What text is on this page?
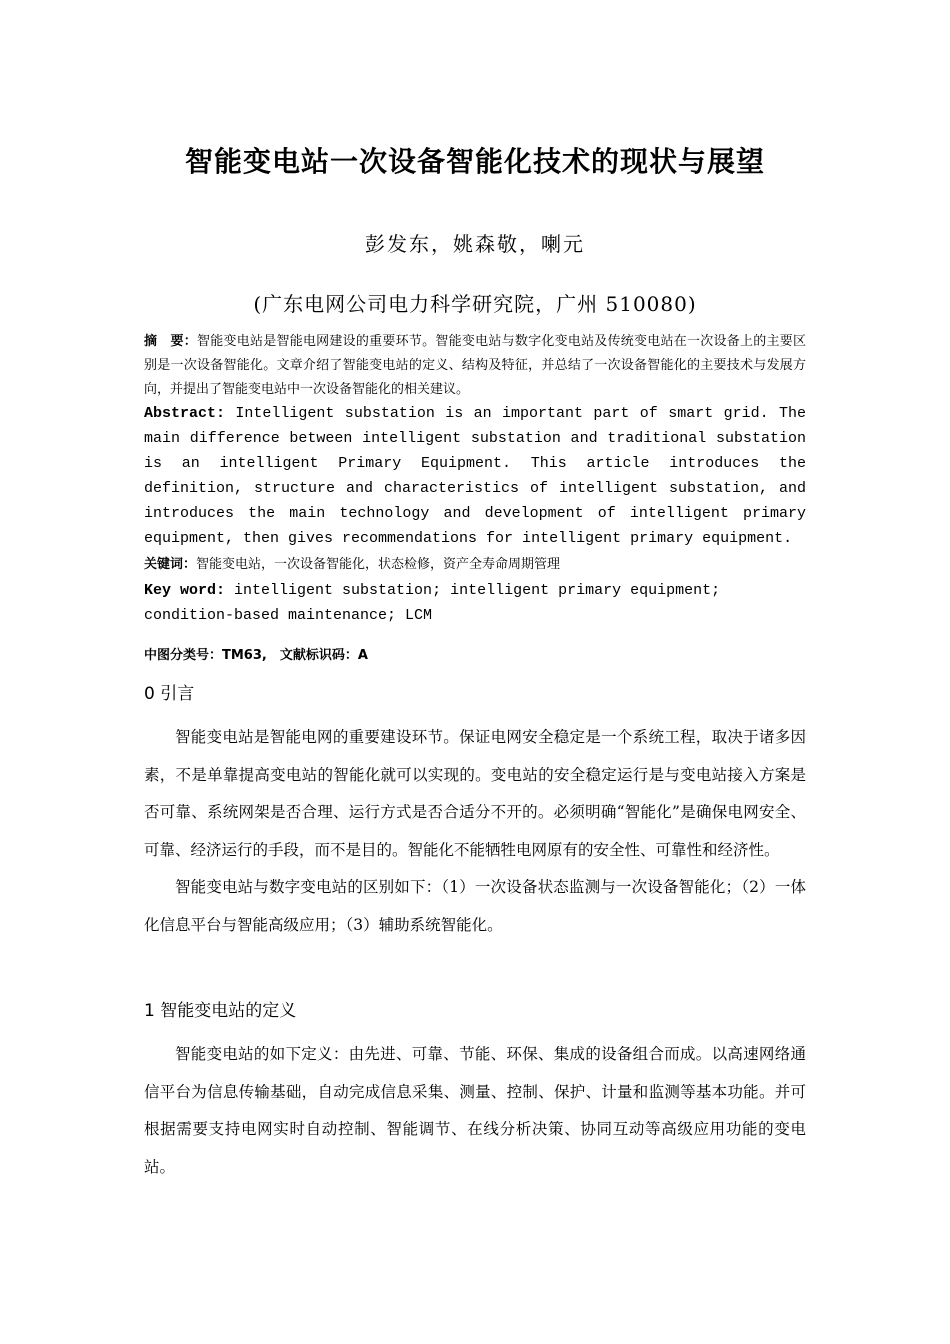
智能变电站一次设备智能化技术的现状与展望
彭发东，姚森敬，喇元
(广东电网公司电力科学研究院，广州 510080)
摘　要：智能变电站是智能电网建设的重要环节。智能变电站与数字化变电站及传统变电站在一次设备上的主要区别是一次设备智能化。文章介绍了智能变电站的定义、结构及特征，并总结了一次设备智能化的主要技术与发展方向，并提出了智能变电站中一次设备智能化的相关建议。
Abstract: Intelligent substation is an important part of smart grid. The main difference between intelligent substation and traditional substation is an intelligent Primary Equipment. This article introduces the definition, structure and characteristics of intelligent substation, and introduces the main technology and development of intelligent primary equipment, then gives recommendations for intelligent primary equipment.
关键词：智能变电站，一次设备智能化，状态检修，资产全寿命周期管理
Key word: intelligent substation; intelligent primary equipment; condition-based maintenance; LCM
中图分类号：TM63,　文献标识码：A
0 引言

智能变电站是智能电网的重要建设环节。保证电网安全稳定是一个系统工程，取决于诸多因素，不是单靠提高变电站的智能化就可以实现的。变电站的安全稳定运行是与变电站接入方案是否可靠、系统网架是否合理、运行方式是否合适分不开的。必须明确“智能化”是确保电网安全、可靠、经济运行的手段，而不是目的。智能化不能牺牲电网原有的安全性、可靠性和经济性。

智能变电站与数字变电站的区别如下：（1）一次设备状态监测与一次设备智能化；（2）一体化信息平台与智能高级应用；（3）辅助系统智能化。

1 智能变电站的定义

智能变电站的如下定义：由先进、可靠、节能、环保、集成的设备组合而成。以高速网络通信平台为信息传输基础，自动完成信息采集、测量、控制、保护、计量和监测等基本功能。并可根据需要支持电网实时自动控制、智能调节、在线分析决策、协同互动等高级应用功能的变电站。
